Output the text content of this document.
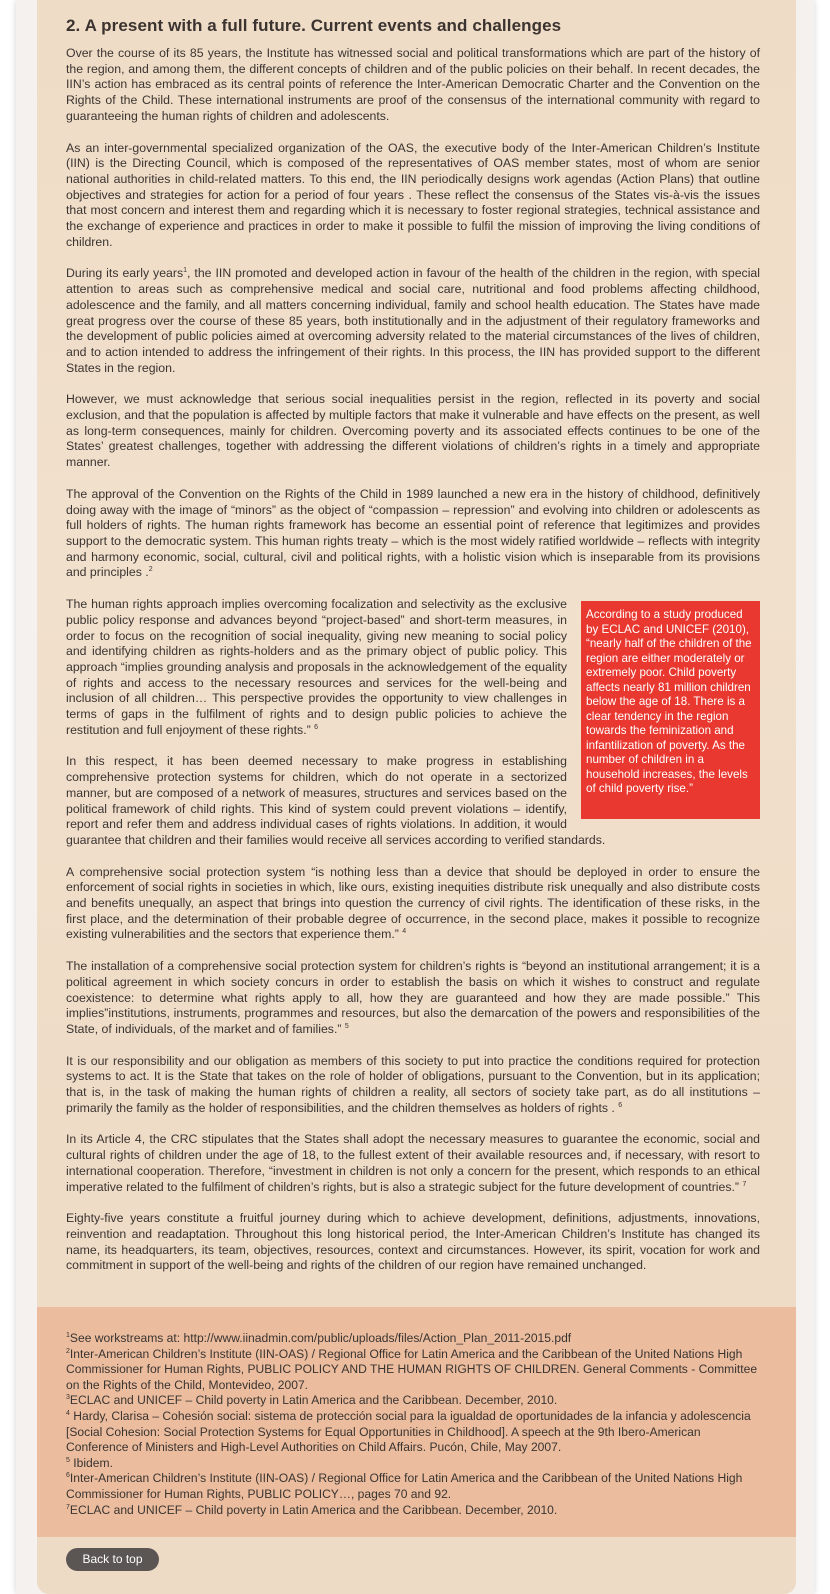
2. A present with a full future. Current events and challenges

Over the course of its 85 years, the Institute has witnessed social and political transformations which are part of the history of the region, and among them, the different concepts of children and of the public policies on their behalf. In recent decades, the IIN’s action has embraced as its central points of reference the Inter-American Democratic Charter and the Convention on the Rights of the Child. These international instruments are proof of the consensus of the international community with regard to guaranteeing the human rights of children and adolescents.

As an inter-governmental specialized organization of the OAS, the executive body of the Inter-American Children’s Institute (IIN) is the Directing Council, which is composed of the representatives of OAS member states, most of whom are senior national authorities in child-related matters. To this end, the IIN periodically designs work agendas (Action Plans) that outline objectives and strategies for action for a period of four years . These reflect the consensus of the States vis-à-vis the issues that most concern and interest them and regarding which it is necessary to foster regional strategies, technical assistance and the exchange of experience and practices in order to make it possible to fulfil the mission of improving the living conditions of children.

During its early years$^1$, the IIN promoted and developed action in favour of the health of the children in the region, with special attention to areas such as comprehensive medical and social care, nutritional and food problems affecting childhood, adolescence and the family, and all matters concerning individual, family and school health education. The States have made great progress over the course of these 85 years, both institutionally and in the adjustment of their regulatory frameworks and the development of public policies aimed at overcoming adversity related to the material circumstances of the lives of children, and to action intended to address the infringement of their rights. In this process, the IIN has provided support to the different States in the region.

However, we must acknowledge that serious social inequalities persist in the region, reflected in its poverty and social exclusion, and that the population is affected by multiple factors that make it vulnerable and have effects on the present, as well as long-term consequences, mainly for children. Overcoming poverty and its associated effects continues to be one of the States’ greatest challenges, together with addressing the different violations of children’s rights in a timely and appropriate manner.

The approval of the Convention on the Rights of the Child in 1989 launched a new era in the history of childhood, definitively doing away with the image of “minors” as the object of “compassion – repression” and evolving into children or adolescents as full holders of rights. The human rights framework has become an essential point of reference that legitimizes and provides support to the democratic system. This human rights treaty – which is the most widely ratified worldwide – reflects with integrity and harmony economic, social, cultural, civil and political rights, with a holistic vision which is inseparable from its provisions and principles .$^2$

According to a study produced by ECLAC and UNICEF (2010), “nearly half of the children of the region are either moderately or extremely poor. Child poverty affects nearly 81 million children below the age of 18. There is a clear tendency in the region towards the feminization and infantilization of poverty. As the number of children in a household increases, the levels of child poverty rise.”

The human rights approach implies overcoming focalization and selectivity as the exclusive public policy response and advances beyond “project-based” and short-term measures, in order to focus on the recognition of social inequality, giving new meaning to social policy and identifying children as rights-holders and as the primary object of public policy. This approach “implies grounding analysis and proposals in the acknowledgement of the equality of rights and access to the necessary resources and services for the well-being and inclusion of all children… This perspective provides the opportunity to view challenges in terms of gaps in the fulfilment of rights and to design public policies to achieve the restitution and full enjoyment of these rights.” $^6$

In this respect, it has been deemed necessary to make progress in establishing comprehensive protection systems for children, which do not operate in a sectorized manner, but are composed of a network of measures, structures and services based on the political framework of child rights. This kind of system could prevent violations – identify, report and refer them and address individual cases of rights violations. In addition, it would guarantee that children and their families would receive all services according to verified standards.

A comprehensive social protection system “is nothing less than a device that should be deployed in order to ensure the enforcement of social rights in societies in which, like ours, existing inequities distribute risk unequally and also distribute costs and benefits unequally, an aspect that brings into question the currency of civil rights. The identification of these risks, in the first place, and the determination of their probable degree of occurrence, in the second place, makes it possible to recognize existing vulnerabilities and the sectors that experience them.” $^4$

The installation of a comprehensive social protection system for children’s rights is “beyond an institutional arrangement; it is a political agreement in which society concurs in order to establish the basis on which it wishes to construct and regulate coexistence: to determine what rights apply to all, how they are guaranteed and how they are made possible.” This implies”institutions, instruments, programmes and resources, but also the demarcation of the powers and responsibilities of the State, of individuals, of the market and of families.” $^5$

It is our responsibility and our obligation as members of this society to put into practice the conditions required for protection systems to act. It is the State that takes on the role of holder of obligations, pursuant to the Convention, but in its application; that is, in the task of making the human rights of children a reality, all sectors of society take part, as do all institutions – primarily the family as the holder of responsibilities, and the children themselves as holders of rights . $^6$

In its Article 4, the CRC stipulates that the States shall adopt the necessary measures to guarantee the economic, social and cultural rights of children under the age of 18, to the fullest extent of their available resources and, if necessary, with resort to international cooperation. Therefore, “investment in children is not only a concern for the present, which responds to an ethical imperative related to the fulfilment of children’s rights, but is also a strategic subject for the future development of countries.” $^7$

Eighty-five years constitute a fruitful journey during which to achieve development, definitions, adjustments, innovations, reinvention and readaptation. Throughout this long historical period, the Inter-American Children’s Institute has changed its name, its headquarters, its team, objectives, resources, context and circumstances. However, its spirit, vocation for work and commitment in support of the well-being and rights of the children of our region have remained unchanged.

$^1$See workstreams at: http://www.iinadmin.com/public/uploads/files/Action_Plan_2011-2015.pdf
$^2$Inter-American Children’s Institute (IIN-OAS) / Regional Office for Latin America and the Caribbean of the United Nations High Commissioner for Human Rights, PUBLIC POLICY AND THE HUMAN RIGHTS OF CHILDREN. General Comments - Committee on the Rights of the Child, Montevideo, 2007.
$^3$ECLAC and UNICEF – Child poverty in Latin America and the Caribbean. December, 2010.
$^4$ Hardy, Clarisa – Cohesión social: sistema de protección social para la igualdad de oportunidades de la infancia y adolescencia [Social Cohesion: Social Protection Systems for Equal Opportunities in Childhood]. A speech at the 9th Ibero-American Conference of Ministers and High-Level Authorities on Child Affairs. Pucón, Chile, May 2007.
$^5$ Ibidem.
$^6$Inter-American Children’s Institute (IIN-OAS) / Regional Office for Latin America and the Caribbean of the United Nations High Commissioner for Human Rights, PUBLIC POLICY…, pages 70 and 92.
$^7$ECLAC and UNICEF – Child poverty in Latin America and the Caribbean. December, 2010.
Back to top
